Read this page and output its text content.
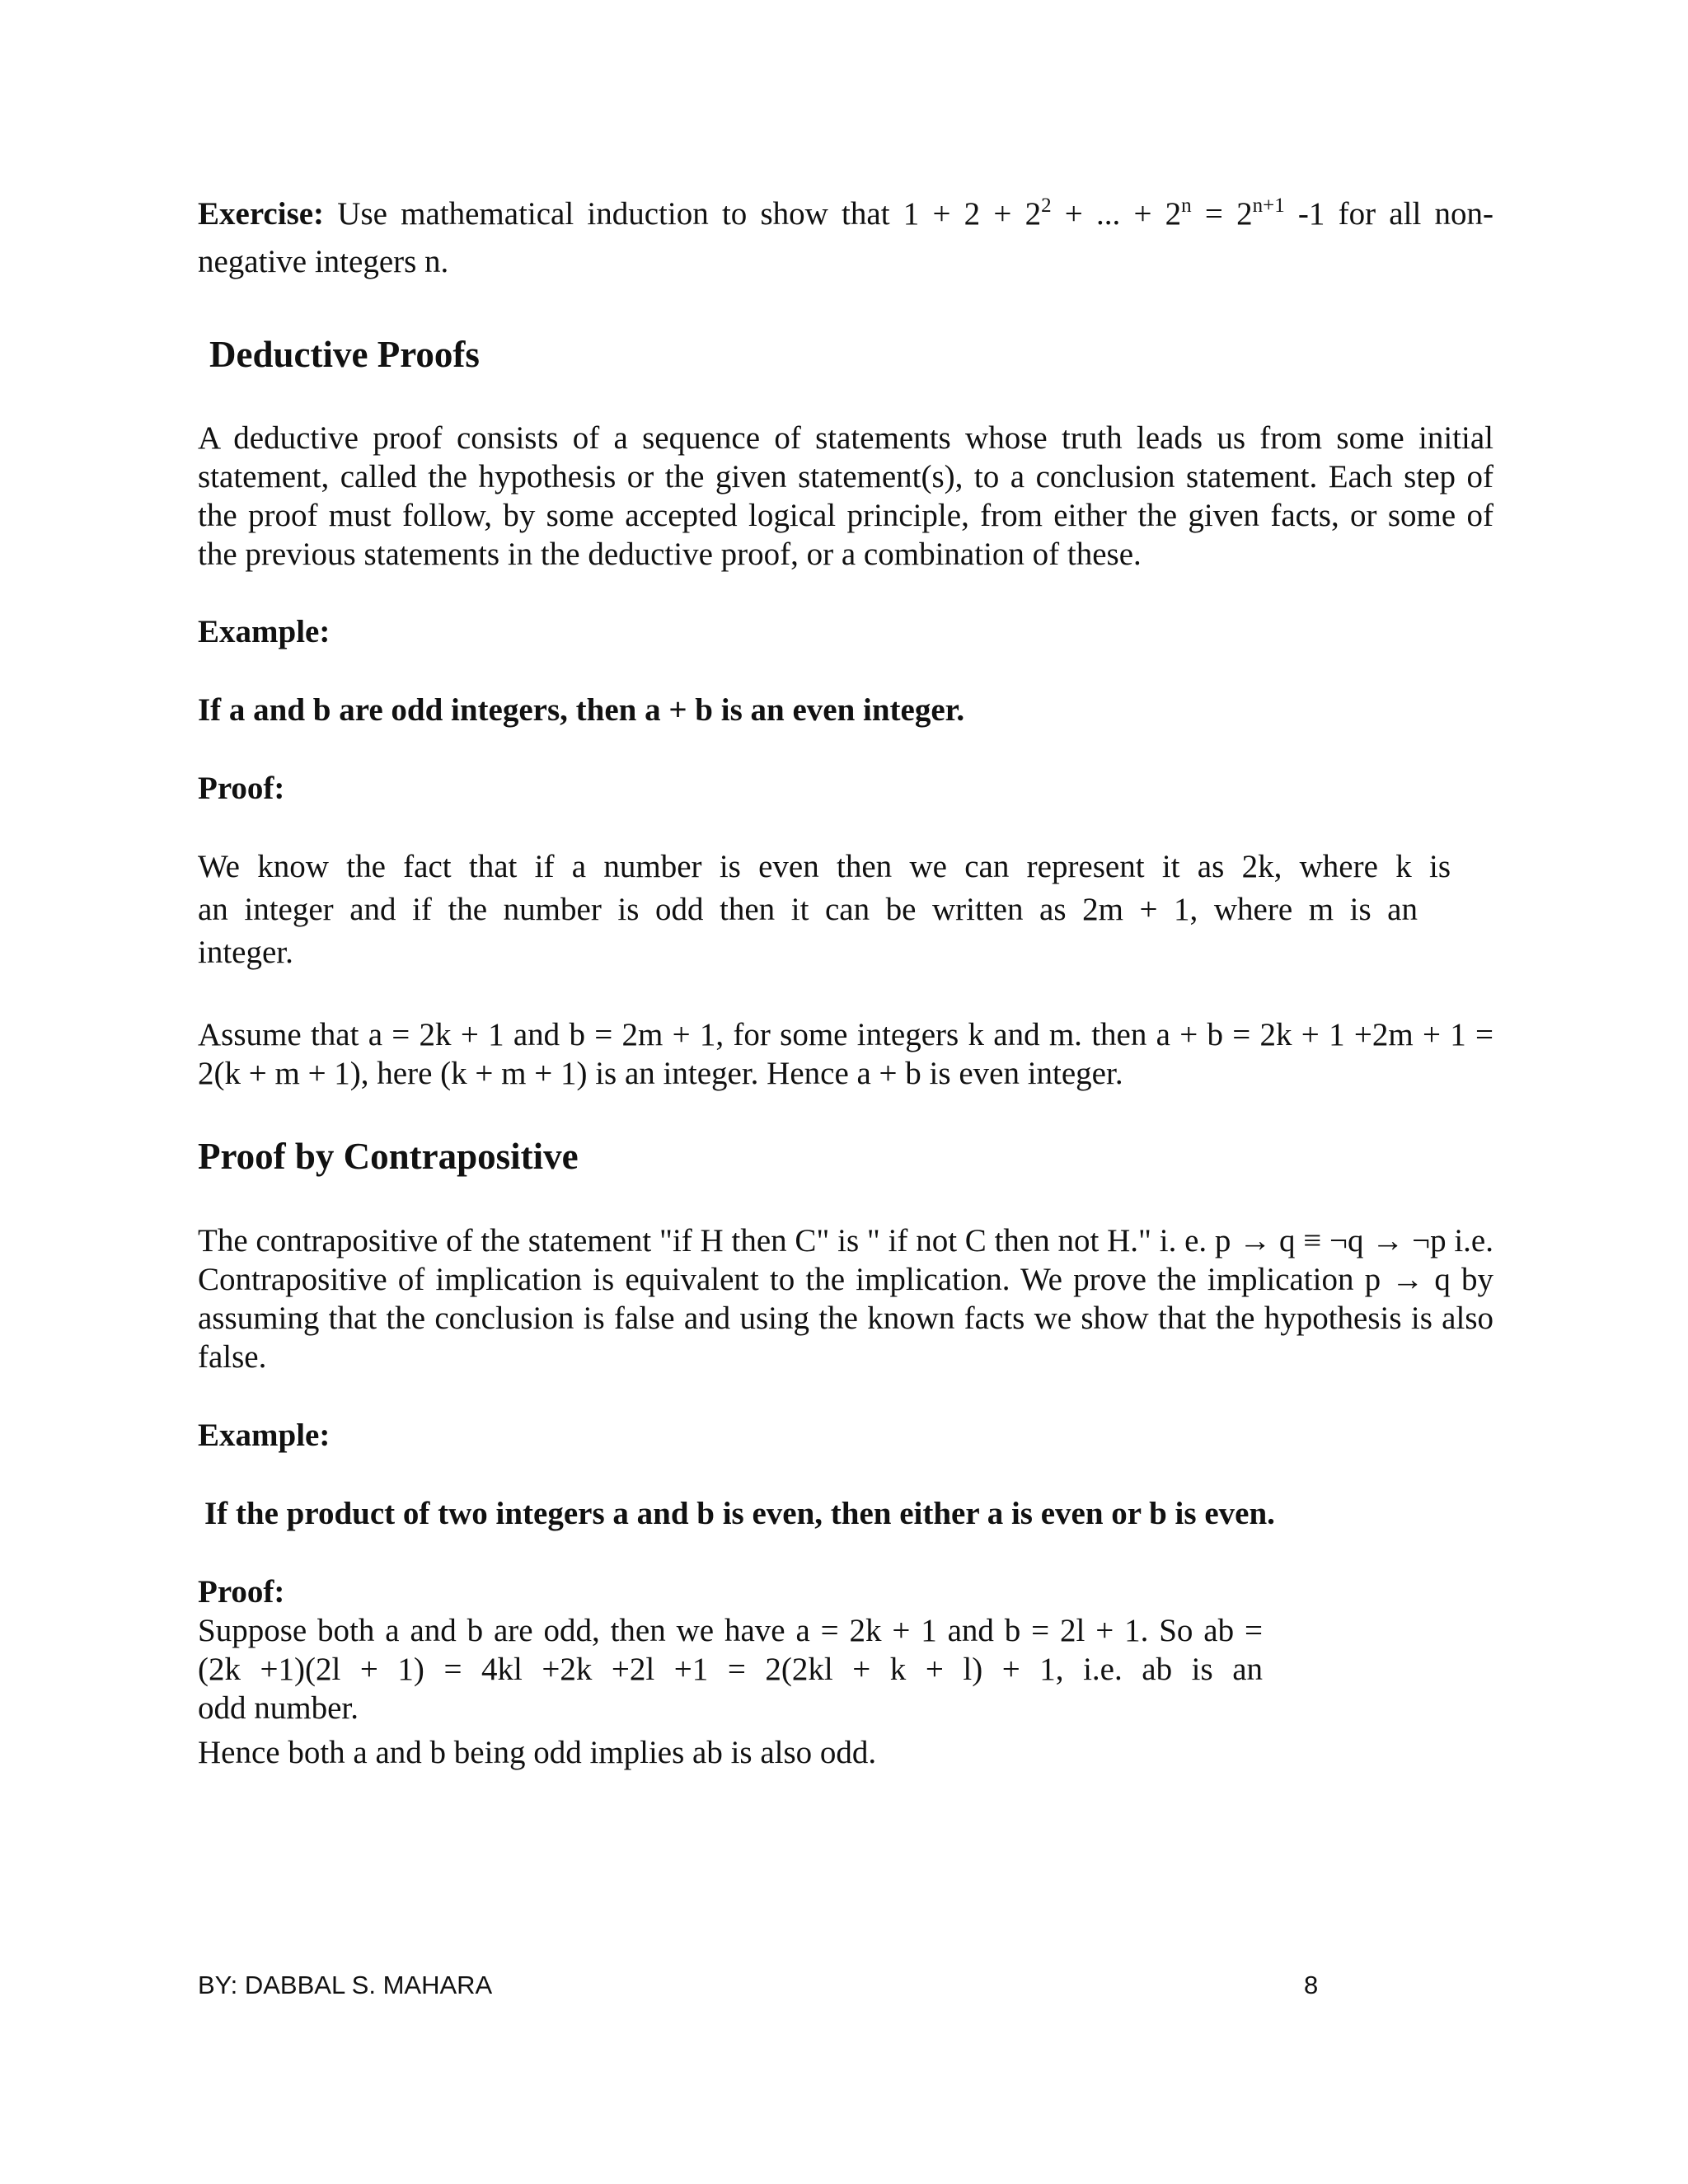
Exercise: Use mathematical induction to show that $1 + 2 + 2^2$ + ... + $2^n = 2^{n+1}$ -1 for all non-

negative integers n.

Deductive Proofs

A deductive proof consists of a sequence of statements whose truth leads us from some initial statement, called the hypothesis or the given statement(s), to a conclusion statement. Each step of the proof must follow, by some accepted logical principle, from either the given facts, or some of the previous statements in the deductive proof, or a combination of these.

Example:

If a and b are odd integers, then a + b is an even integer.

Proof:

We know the fact that if a number is even then we can represent it as 2k, where k is

an integer and if the number is odd then it can be written as 2m + 1, where m is an

integer.

Assume that a = 2k + 1 and b = 2m + 1, for some integers k and m. then a + b = 2k + 1 +2m + 1 = 2(k + m + 1), here (k + m + 1) is an integer. Hence a + b is even integer.

Proof by Contrapositive

The contrapositive of the statement "if H then C" is " if not C then not H." i. e. p → q ≡ ¬q → ¬p i.e. Contrapositive of implication is equivalent to the implication. We prove the implication p → q by assuming that the conclusion is false and using the known facts we show that the hypothesis is also false.

Example:

If the product of two integers a and b is even, then either a is even or b is even.

Proof:

Suppose both a and b are odd, then we have a = 2k + 1 and b = 2l + 1. So ab =

(2k +1)(2l + 1) = 4kl +2k +2l +1 = 2(2kl + k + l) + 1, i.e. ab is an

odd number.

Hence both a and b being odd implies ab is also odd.

BY: DABBAL S. MAHARA	8
